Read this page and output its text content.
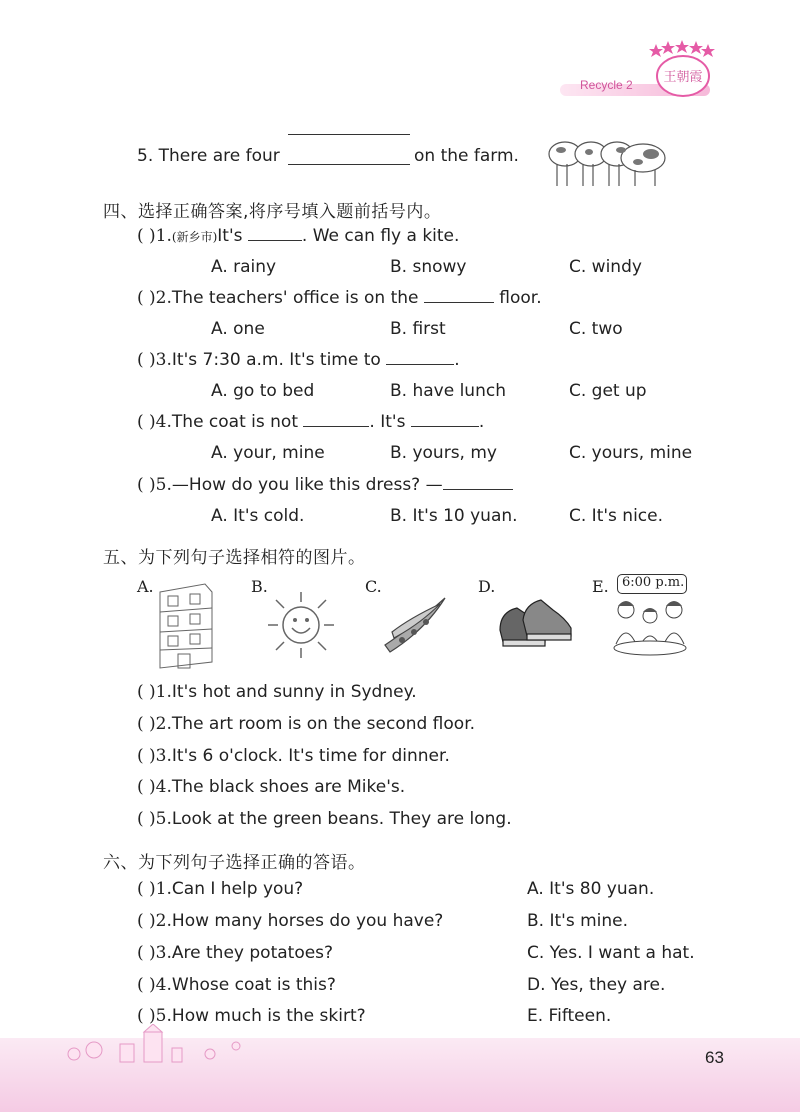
Recycle 2 王朝霞
5. There are four	on the farm.
四、选择正确答案,将序号填入题前括号内。
( )1.(新乡市)It's	. We can fly a kite.
A. rainy	B. snowy	C. windy
( )2.The teachers' office is on the	floor.
A. one	B. first	C. two
( )3.It's 7:30 a.m. It's time to	.
A. go to bed	B. have lunch	C. get up
( )4.The coat is not	. It's	.
A. your, mine	B. yours, my	C. yours, mine
( )5.—How do you like this dress? —
A. It's cold.	B. It's 10 yuan.	C. It's nice.
五、为下列句子选择相符的图片。
A.	B.	C.	D.	E. 6:00 p.m.
( )1.It's hot and sunny in Sydney.
( )2.The art room is on the second floor.
( )3.It's 6 o'clock. It's time for dinner.
( )4.The black shoes are Mike's.
( )5.Look at the green beans. They are long.
六、为下列句子选择正确的答语。
( )1.Can I help you?	A. It's 80 yuan.
( )2.How many horses do you have?	B. It's mine.
( )3.Are they potatoes?	C. Yes. I want a hat.
( )4.Whose coat is this?	D. Yes, they are.
( )5.How much is the skirt?	E. Fifteen.
63
